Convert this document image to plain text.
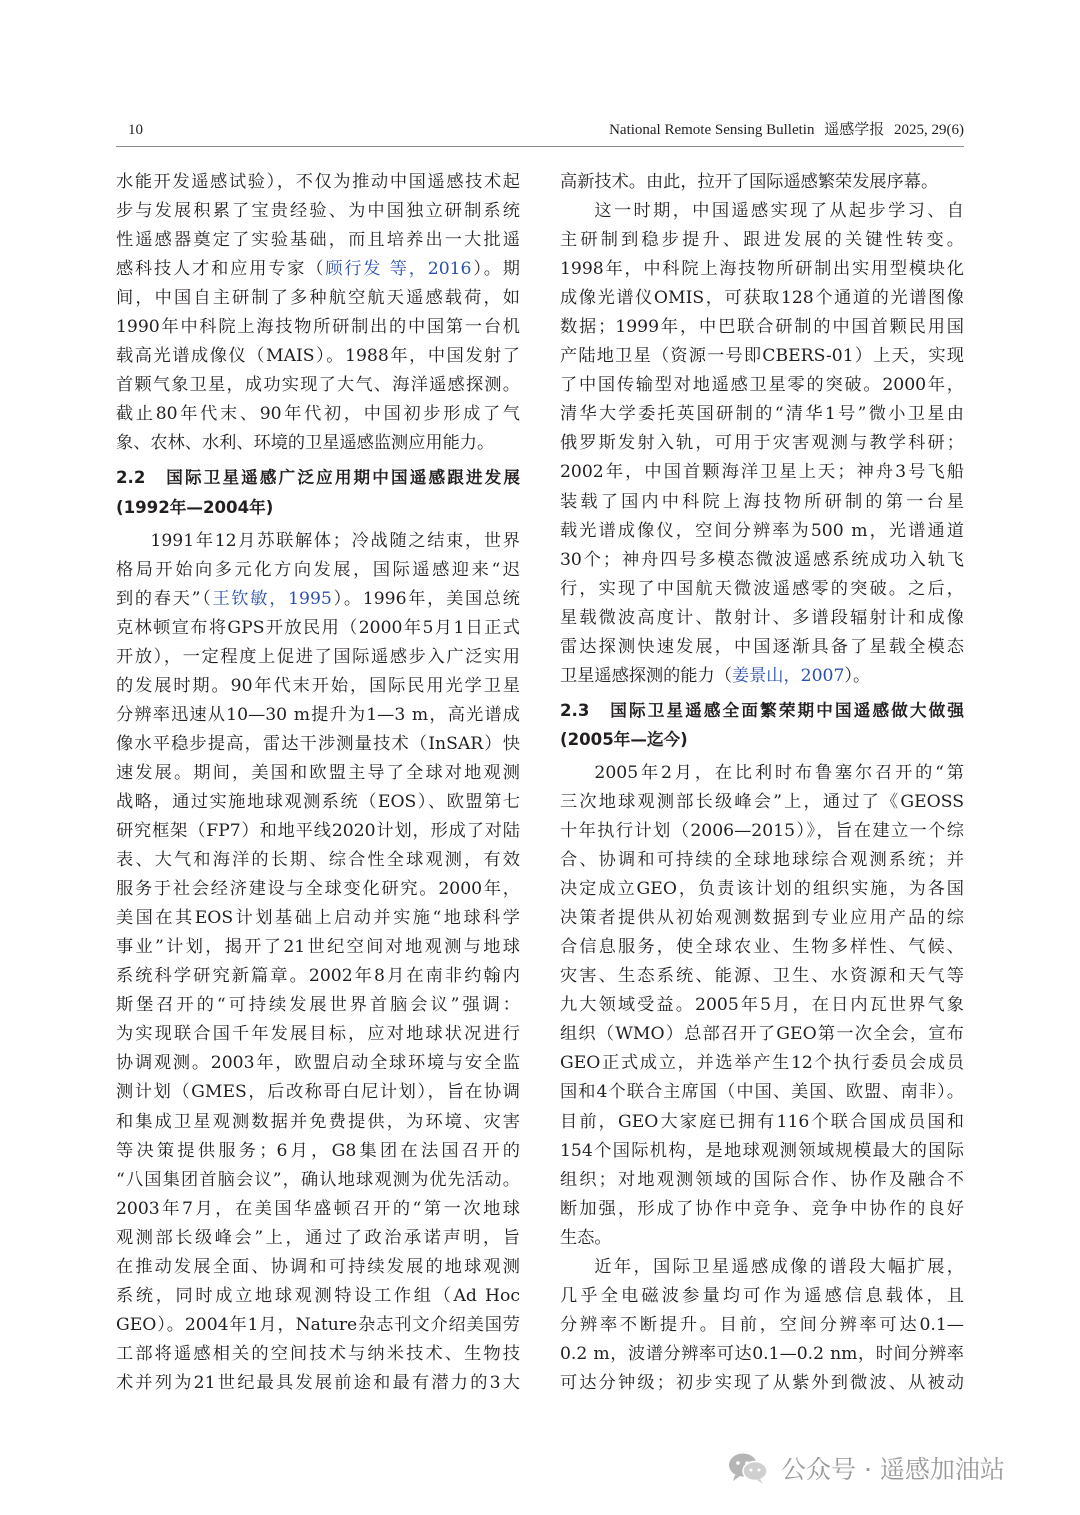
10	National Remote Sensing Bulletin 遥感学报 2025, 29(6)
水能开发遥感试验），不仅为推动中国遥感技术起
步与发展积累了宝贵经验、为中国独立研制系统
性遥感器奠定了实验基础，而且培养出一大批遥
感科技人才和应用专家（顾行发 等，2016）。期
间，中国自主研制了多种航空航天遥感载荷，如
1990年中科院上海技物所研制出的中国第一台机
载高光谱成像仪（MAIS）。1988年，中国发射了
首颗气象卫星，成功实现了大气、海洋遥感探测。
截止80年代末、90年代初，中国初步形成了气
象、农林、水利、环境的卫星遥感监测应用能力。
2.2　国际卫星遥感广泛应用期中国遥感跟进发展
(1992年—2004年)
1991年12月苏联解体；冷战随之结束，世界
格局开始向多元化方向发展，国际遥感迎来“迟
到的春天”（王钦敏，1995）。1996年，美国总统
克林顿宣布将GPS开放民用（2000年5月1日正式
开放），一定程度上促进了国际遥感步入广泛实用
的发展时期。90年代末开始，国际民用光学卫星
分辨率迅速从10—30 m提升为1—3 m，高光谱成
像水平稳步提高，雷达干涉测量技术（InSAR）快
速发展。期间，美国和欧盟主导了全球对地观测
战略，通过实施地球观测系统（EOS）、欧盟第七
研究框架（FP7）和地平线2020计划，形成了对陆
表、大气和海洋的长期、综合性全球观测，有效
服务于社会经济建设与全球变化研究。2000年，
美国在其EOS计划基础上启动并实施“地球科学
事业”计划，揭开了21世纪空间对地观测与地球
系统科学研究新篇章。2002年8月在南非约翰内
斯堡召开的“可持续发展世界首脑会议”强调：
为实现联合国千年发展目标，应对地球状况进行
协调观测。2003年，欧盟启动全球环境与安全监
测计划（GMES，后改称哥白尼计划），旨在协调
和集成卫星观测数据并免费提供，为环境、灾害
等决策提供服务；6月，G8集团在法国召开的
“八国集团首脑会议”，确认地球观测为优先活动。
2003年7月，在美国华盛顿召开的“第一次地球
观测部长级峰会”上，通过了政治承诺声明，旨
在推动发展全面、协调和可持续发展的地球观测
系统，同时成立地球观测特设工作组（Ad Hoc
GEO）。2004年1月，Nature杂志刊文介绍美国劳
工部将遥感相关的空间技术与纳米技术、生物技
术并列为21世纪最具发展前途和最有潜力的3大
高新技术。由此，拉开了国际遥感繁荣发展序幕。
这一时期，中国遥感实现了从起步学习、自
主研制到稳步提升、跟进发展的关键性转变。
1998年，中科院上海技物所研制出实用型模块化
成像光谱仪OMIS，可获取128个通道的光谱图像
数据；1999年，中巴联合研制的中国首颗民用国
产陆地卫星（资源一号即CBERS-01）上天，实现
了中国传输型对地遥感卫星零的突破。2000年，
清华大学委托英国研制的“清华1号”微小卫星由
俄罗斯发射入轨，可用于灾害观测与教学科研；
2002年，中国首颗海洋卫星上天；神舟3号飞船
装载了国内中科院上海技物所研制的第一台星
载光谱成像仪，空间分辨率为500 m，光谱通道
30个；神舟四号多模态微波遥感系统成功入轨飞
行，实现了中国航天微波遥感零的突破。之后，
星载微波高度计、散射计、多谱段辐射计和成像
雷达探测快速发展，中国逐渐具备了星载全模态
卫星遥感探测的能力（姜景山，2007）。
2.3　国际卫星遥感全面繁荣期中国遥感做大做强
(2005年—迄今)
2005年2月，在比利时布鲁塞尔召开的“第
三次地球观测部长级峰会”上，通过了《GEOSS
十年执行计划（2006—2015）》，旨在建立一个综
合、协调和可持续的全球地球综合观测系统；并
决定成立GEO，负责该计划的组织实施，为各国
决策者提供从初始观测数据到专业应用产品的综
合信息服务，使全球农业、生物多样性、气候、
灾害、生态系统、能源、卫生、水资源和天气等
九大领域受益。2005年5月，在日内瓦世界气象
组织（WMO）总部召开了GEO第一次全会，宣布
GEO正式成立，并选举产生12个执行委员会成员
国和4个联合主席国（中国、美国、欧盟、南非）。
目前，GEO大家庭已拥有116个联合国成员国和
154个国际机构，是地球观测领域规模最大的国际
组织；对地观测领域的国际合作、协作及融合不
断加强，形成了协作中竞争、竞争中协作的良好
生态。
近年，国际卫星遥感成像的谱段大幅扩展，
几乎全电磁波参量均可作为遥感信息载体，且
分辨率不断提升。目前，空间分辨率可达0.1—
0.2 m，波谱分辨率可达0.1—0.2 nm，时间分辨率
可达分钟级；初步实现了从紫外到微波、从被动
公众号 · 遥感加油站
